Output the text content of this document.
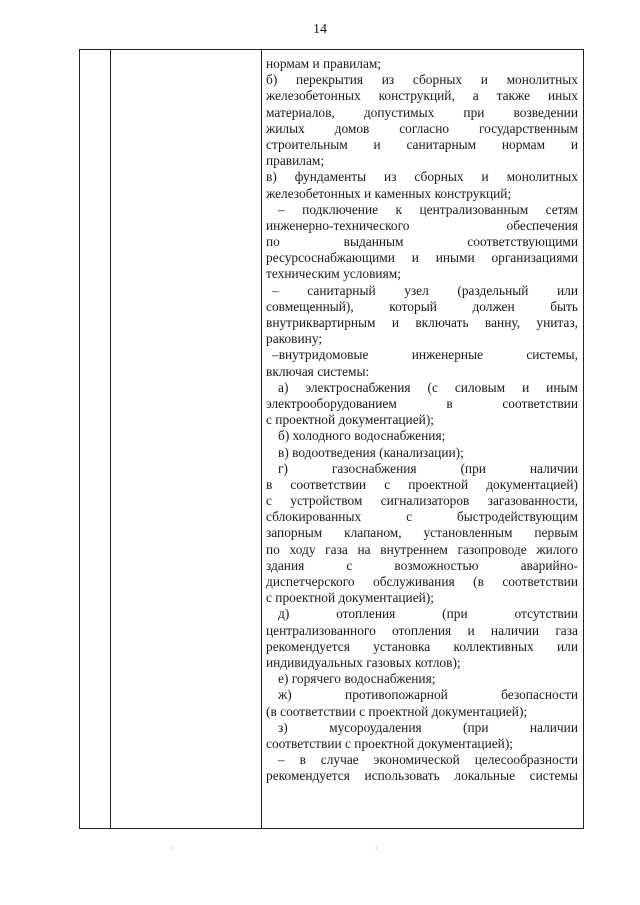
14
нормам и правилам;
б) перекрытия из сборных и монолитных
железобетонных конструкций, а также иных
материалов, допустимых при возведении
жилых домов согласно государственным
строительным и санитарным нормам и
правилам;
в) фундаменты из сборных и монолитных
железобетонных и каменных конструкций;
– подключение к централизованным сетям
инженерно-технического обеспечения
по выданным соответствующими
ресурсоснабжающими и иными организациями
техническим условиям;
– санитарный узел (раздельный или
совмещенный), который должен быть
внутриквартирным и включать ванну, унитаз,
раковину;
–внутридомовые инженерные системы,
включая системы:
а) электроснабжения (с силовым и иным
электрооборудованием в соответствии
с проектной документацией);
б) холодного водоснабжения;
в) водоотведения (канализации);
г) газоснабжения (при наличии
в соответствии с проектной документацией)
с устройством сигнализаторов загазованности,
сблокированных с быстродействующим
запорным клапаном, установленным первым
по ходу газа на внутреннем газопроводе жилого
здания с возможностью аварийно-
диспетчерского обслуживания (в соответствии
с проектной документацией);
д) отопления (при отсутствии
централизованного отопления и наличии газа
рекомендуется установка коллективных или
индивидуальных газовых котлов);
е) горячего водоснабжения;
ж) противопожарной безопасности
(в соответствии с проектной документацией);
з) мусороудаления (при наличии
соответствии с проектной документацией);
– в случае экономической целесообразности
рекомендуется использовать локальные системы
·	·
